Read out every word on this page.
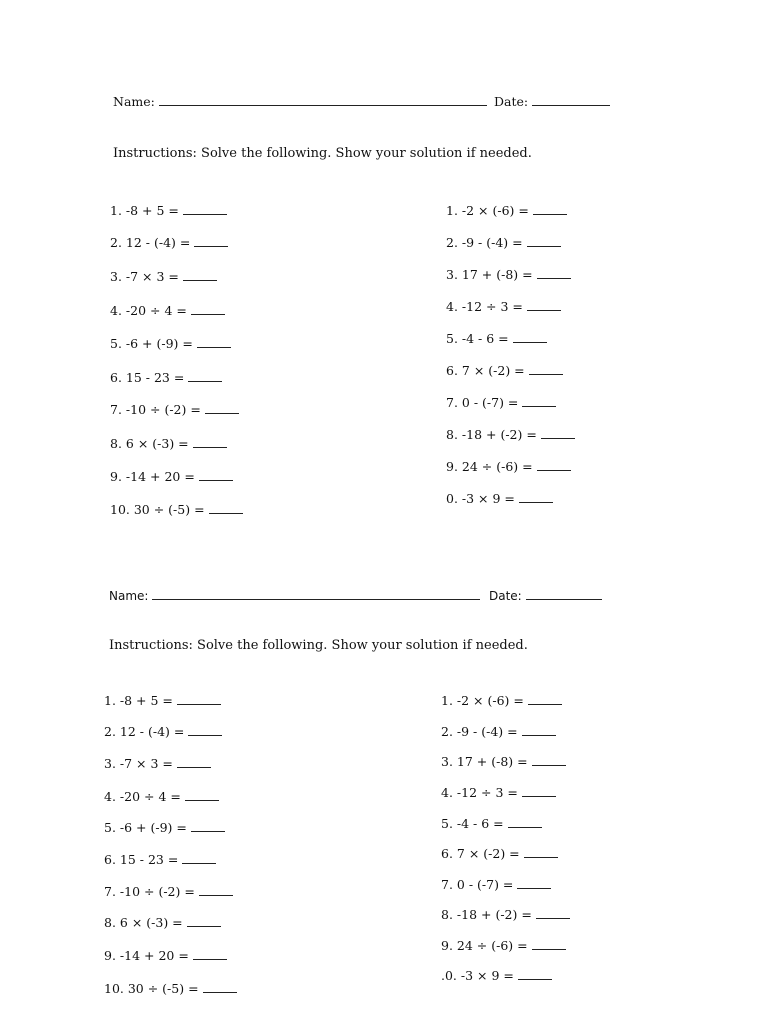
Name:	Date:
Instructions: Solve the following. Show your solution if needed.
1. -8 + 5 =
2. 12 - (-4) =
3. -7 × 3 =
4. -20 ÷ 4 =
5. -6 + (-9) =
6. 15 - 23 =
7. -10 ÷ (-2) =
8. 6 × (-3) =
9. -14 + 20 =
10. 30 ÷ (-5) =
1. -2 × (-6) =
2. -9 - (-4) =
3. 17 + (-8) =
4. -12 ÷ 3 =
5. -4 - 6 =
6. 7 × (-2) =
7. 0 - (-7) =
8. -18 + (-2) =
9. 24 ÷ (-6) =
0. -3 × 9 =
Name:	Date:
Instructions: Solve the following. Show your solution if needed.
1. -8 + 5 =
2. 12 - (-4) =
3. -7 × 3 =
4. -20 ÷ 4 =
5. -6 + (-9) =
6. 15 - 23 =
7. -10 ÷ (-2) =
8. 6 × (-3) =
9. -14 + 20 =
10. 30 ÷ (-5) =
1. -2 × (-6) =
2. -9 - (-4) =
3. 17 + (-8) =
4. -12 ÷ 3 =
5. -4 - 6 =
6. 7 × (-2) =
7. 0 - (-7) =
8. -18 + (-2) =
9. 24 ÷ (-6) =
.0. -3 × 9 =
